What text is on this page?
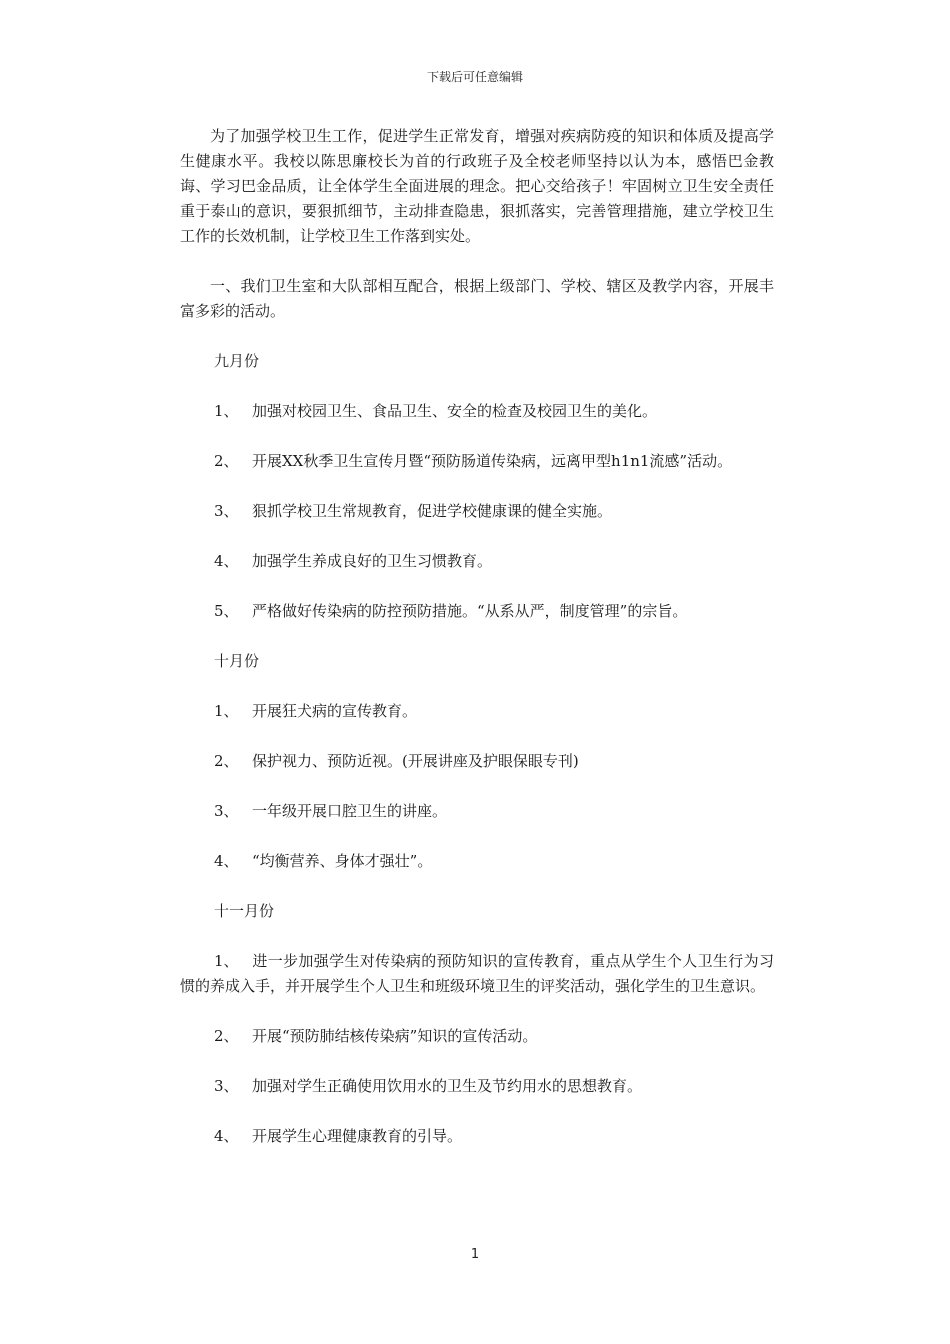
下载后可任意编辑

为了加强学校卫生工作，促进学生正常发育，增强对疾病防疫的知识和体质及提高学生健康水平。我校以陈思廉校长为首的行政班子及全校老师坚持以认为本，感悟巴金教诲、学习巴金品质，让全体学生全面进展的理念。把心交给孩子！牢固树立卫生安全责任重于泰山的意识，要狠抓细节，主动排查隐患，狠抓落实，完善管理措施，建立学校卫生工作的长效机制，让学校卫生工作落到实处。

一、我们卫生室和大队部相互配合，根据上级部门、学校、辖区及教学内容，开展丰富多彩的活动。

九月份

1、 加强对校园卫生、食品卫生、安全的检查及校园卫生的美化。

2、 开展XX秋季卫生宣传月暨“预防肠道传染病，远离甲型h1n1流感”活动。

3、 狠抓学校卫生常规教育，促进学校健康课的健全实施。

4、 加强学生养成良好的卫生习惯教育。

5、 严格做好传染病的防控预防措施。“从系从严，制度管理”的宗旨。

十月份

1、 开展狂犬病的宣传教育。

2、 保护视力、预防近视。(开展讲座及护眼保眼专刊)

3、 一年级开展口腔卫生的讲座。

4、 “均衡营养、身体才强壮”。

十一月份

1、 进一步加强学生对传染病的预防知识的宣传教育，重点从学生个人卫生行为习惯的养成入手，并开展学生个人卫生和班级环境卫生的评奖活动，强化学生的卫生意识。

2、 开展“预防肺结核传染病”知识的宣传活动。

3、 加强对学生正确使用饮用水的卫生及节约用水的思想教育。

4、 开展学生心理健康教育的引导。

1
